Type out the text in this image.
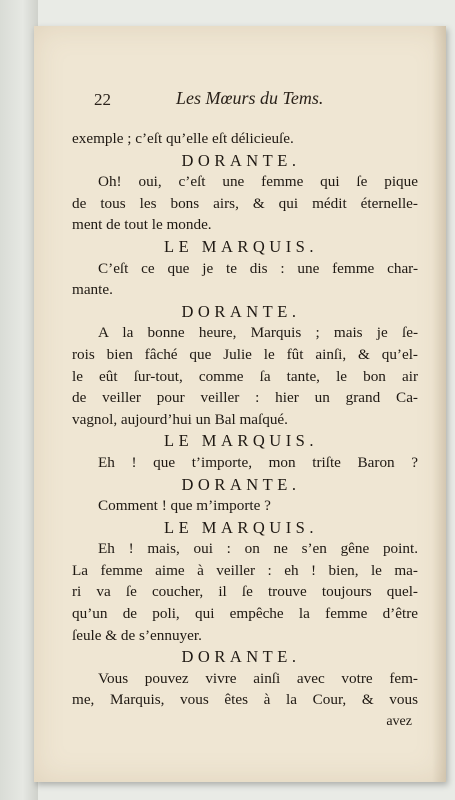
22	Les Mœurs du Tems.
exemple ; c’eſt qu’elle eſt délicieuſe.
DORANTE.
Oh! oui, c’eſt une femme qui ſe pique
de tous les bons airs, & qui médit éternelle-
ment de tout le monde.
LE MARQUIS.
C’eſt ce que je te dis : une femme char-
mante.
DORANTE.
A la bonne heure, Marquis ; mais je ſe-
rois bien fâché que Julie le fût ainſi, & qu’el-
le eût ſur-tout, comme ſa tante, le bon air
de veiller pour veiller : hier un grand Ca-
vagnol, aujourd’hui un Bal maſqué.
LE MARQUIS.
Eh ! que t’importe, mon triſte Baron ?
DORANTE.
Comment ! que m’importe ?
LE MARQUIS.
Eh ! mais, oui : on ne s’en gêne point.
La femme aime à veiller : eh ! bien, le ma-
ri va ſe coucher, il ſe trouve toujours quel-
qu’un de poli, qui empêche la femme d’être
ſeule & de s’ennuyer.
DORANTE.
Vous pouvez vivre ainſi avec votre fem-
me, Marquis, vous êtes à la Cour, & vous
avez
